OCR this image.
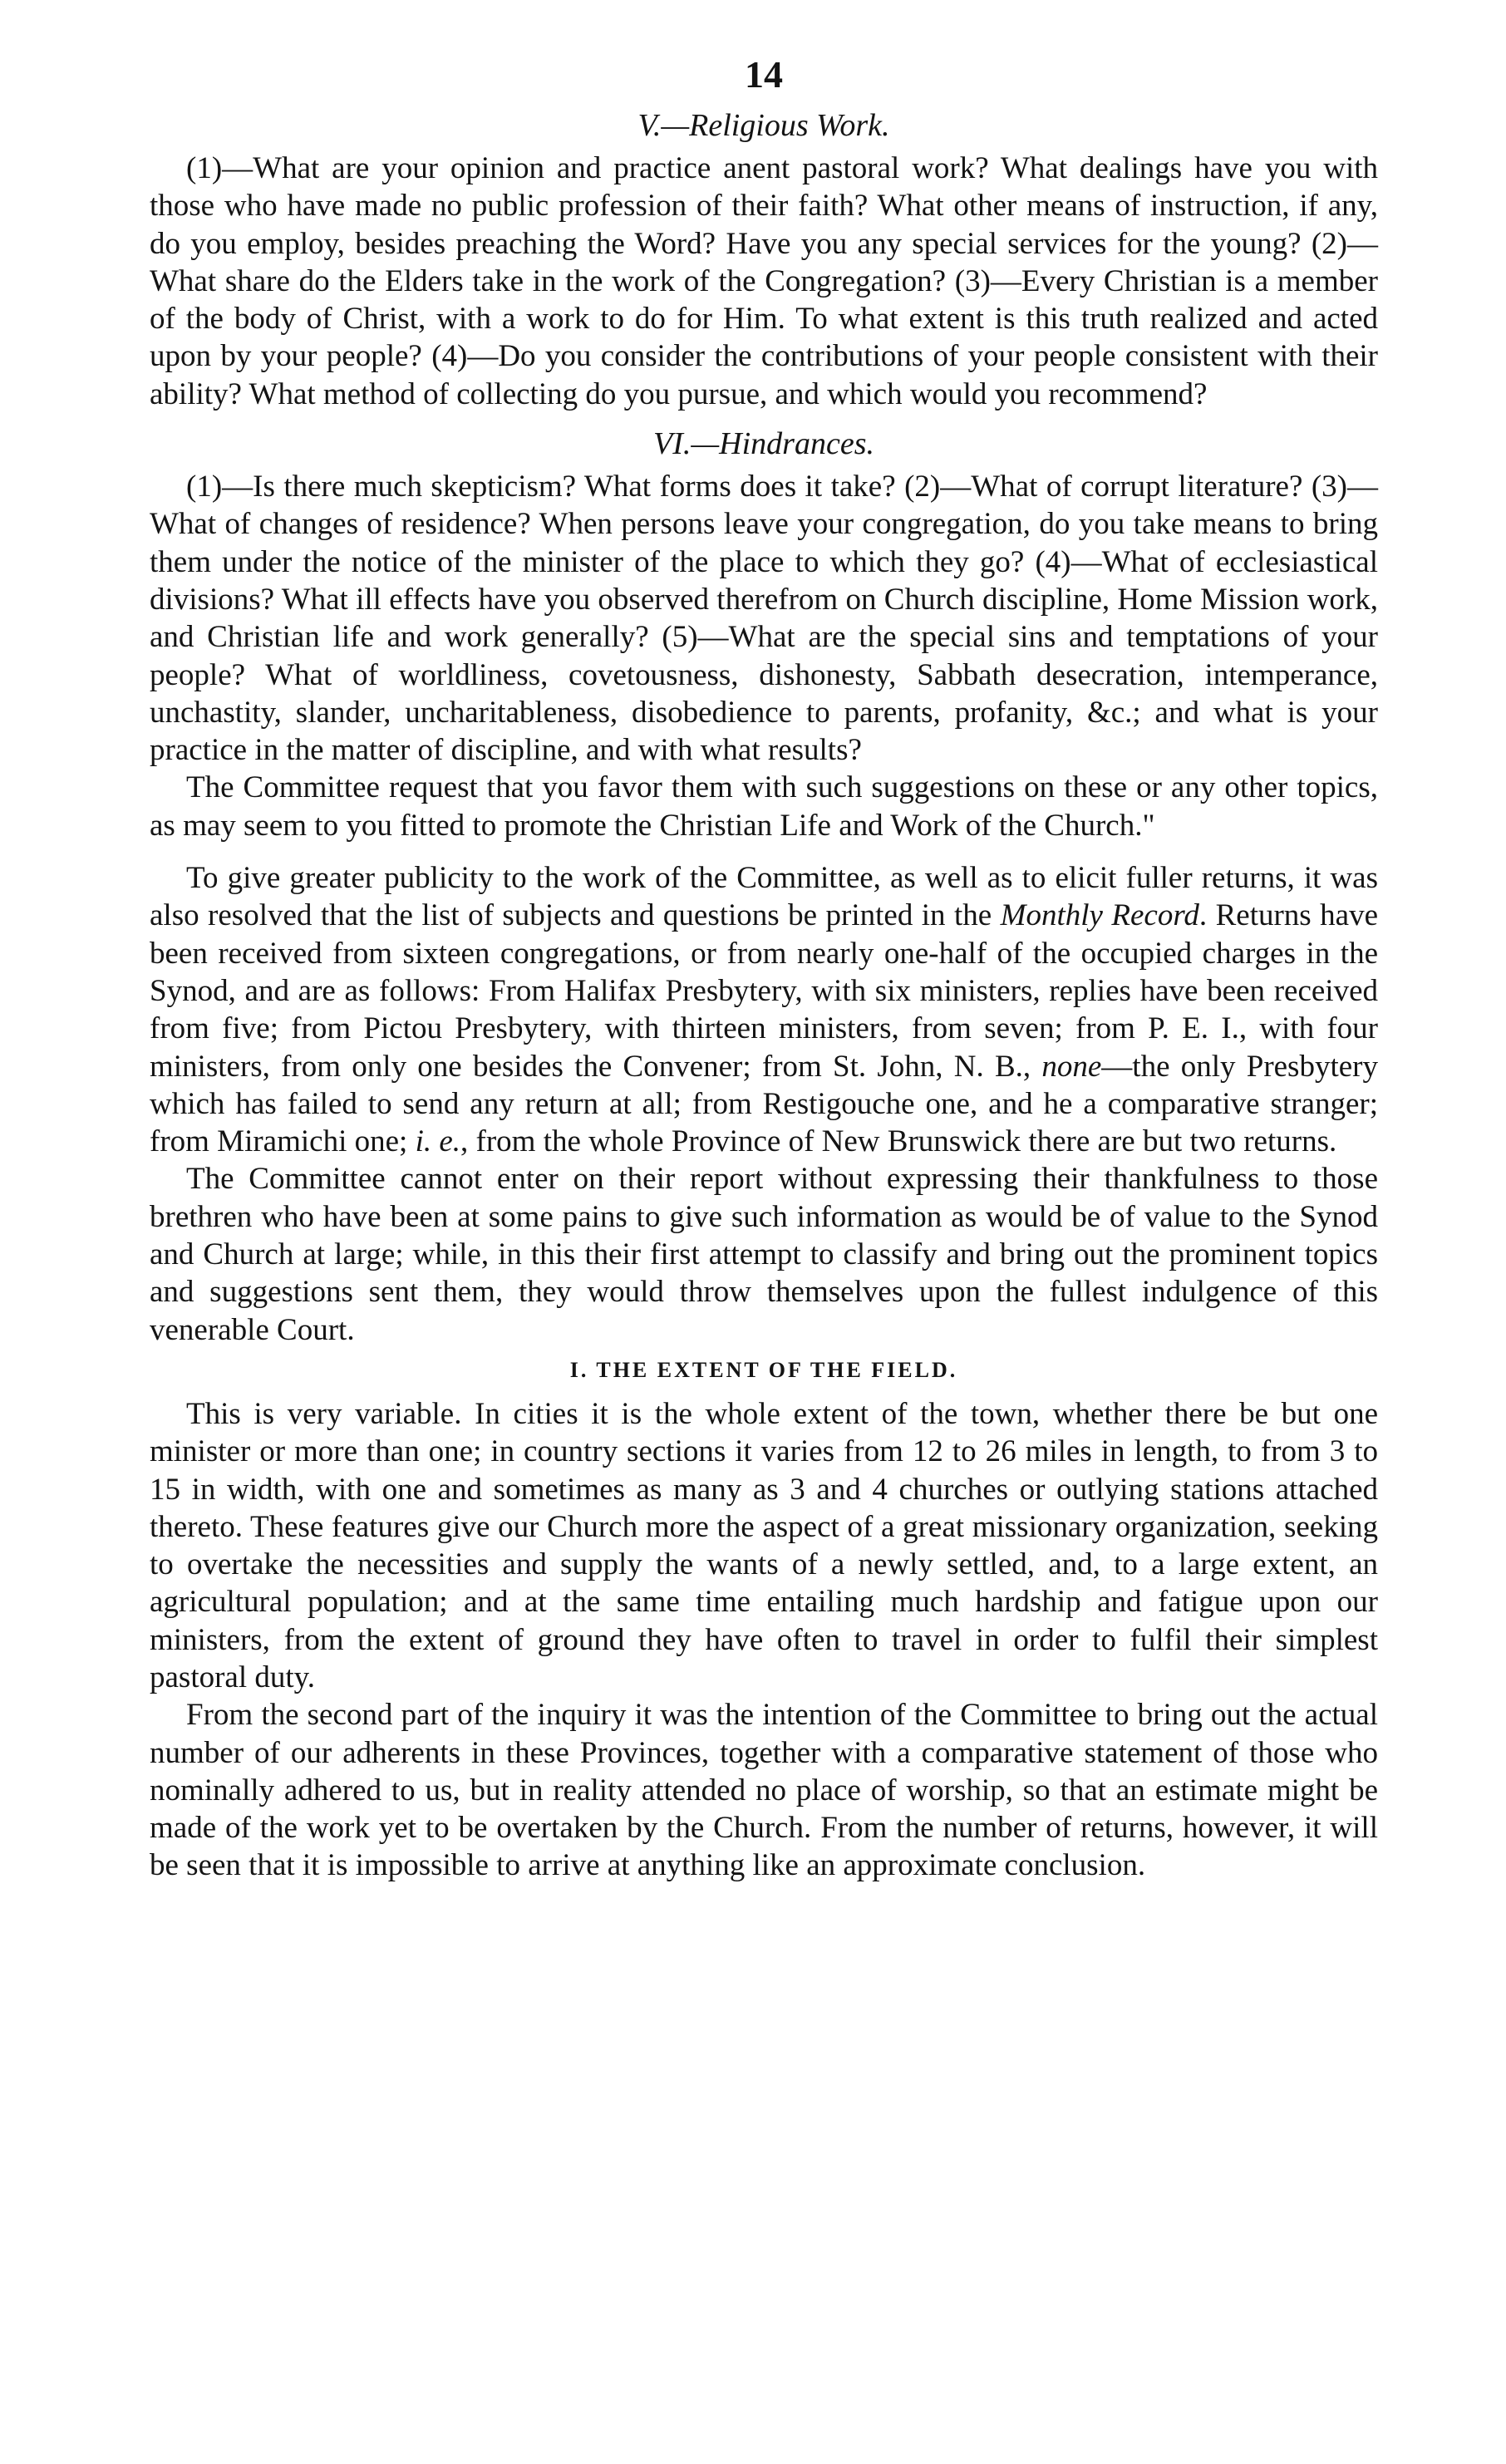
14
V.—Religious Work.

(1)—What are your opinion and practice anent pastoral work? What dealings have you with those who have made no public profession of their faith? What other means of instruction, if any, do you employ, besides preaching the Word? Have you any special services for the young? (2)—What share do the Elders take in the work of the Congregation? (3)—Every Christian is a member of the body of Christ, with a work to do for Him. To what extent is this truth realized and acted upon by your people? (4)—Do you consider the contributions of your people consistent with their ability? What method of collecting do you pursue, and which would you recommend?

VI.—Hindrances.

(1)—Is there much skepticism? What forms does it take? (2)—What of corrupt literature? (3)—What of changes of residence? When persons leave your congregation, do you take means to bring them under the notice of the minister of the place to which they go? (4)—What of ecclesiastical divisions? What ill effects have you observed therefrom on Church discipline, Home Mission work, and Christian life and work generally? (5)—What are the special sins and temptations of your people? What of worldliness, covetousness, dishonesty, Sabbath desecration, intemperance, unchastity, slander, uncharitableness, disobedience to parents, profanity, &c.; and what is your practice in the matter of discipline, and with what results?

The Committee request that you favor them with such suggestions on these or any other topics, as may seem to you fitted to promote the Christian Life and Work of the Church."

To give greater publicity to the work of the Committee, as well as to elicit fuller returns, it was also resolved that the list of subjects and questions be printed in the Monthly Record. Returns have been received from sixteen congregations, or from nearly one-half of the occupied charges in the Synod, and are as follows: From Halifax Presbytery, with six ministers, replies have been received from five; from Pictou Presbytery, with thirteen ministers, from seven; from P. E. I., with four ministers, from only one besides the Convener; from St. John, N. B., none—the only Presbytery which has failed to send any return at all; from Restigouche one, and he a comparative stranger; from Miramichi one; i. e., from the whole Province of New Brunswick there are but two returns.

The Committee cannot enter on their report without expressing their thankfulness to those brethren who have been at some pains to give such information as would be of value to the Synod and Church at large; while, in this their first attempt to classify and bring out the prominent topics and suggestions sent them, they would throw themselves upon the fullest indulgence of this venerable Court.

I. THE EXTENT OF THE FIELD.

This is very variable. In cities it is the whole extent of the town, whether there be but one minister or more than one; in country sections it varies from 12 to 26 miles in length, to from 3 to 15 in width, with one and sometimes as many as 3 and 4 churches or outlying stations attached thereto. These features give our Church more the aspect of a great missionary organization, seeking to overtake the necessities and supply the wants of a newly settled, and, to a large extent, an agricultural population; and at the same time entailing much hardship and fatigue upon our ministers, from the extent of ground they have often to travel in order to fulfil their simplest pastoral duty.

From the second part of the inquiry it was the intention of the Committee to bring out the actual number of our adherents in these Provinces, together with a comparative statement of those who nominally adhered to us, but in reality attended no place of worship, so that an estimate might be made of the work yet to be overtaken by the Church. From the number of returns, however, it will be seen that it is impossible to arrive at anything like an approximate conclusion.
